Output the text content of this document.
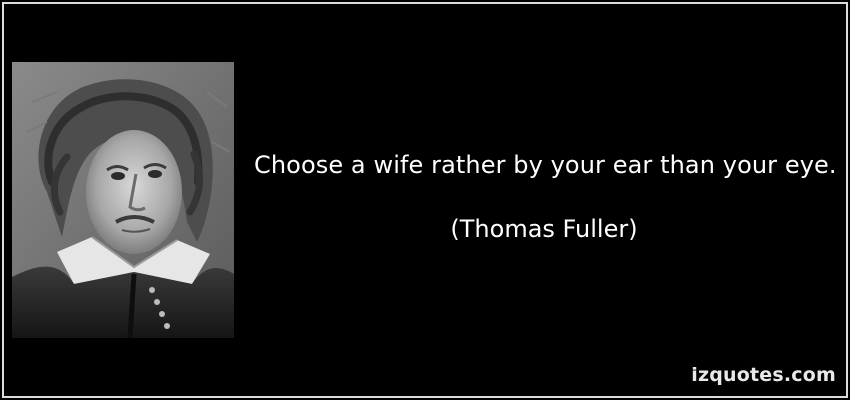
Choose a wife rather by your ear than your eye.
(Thomas Fuller)
izquotes.com
